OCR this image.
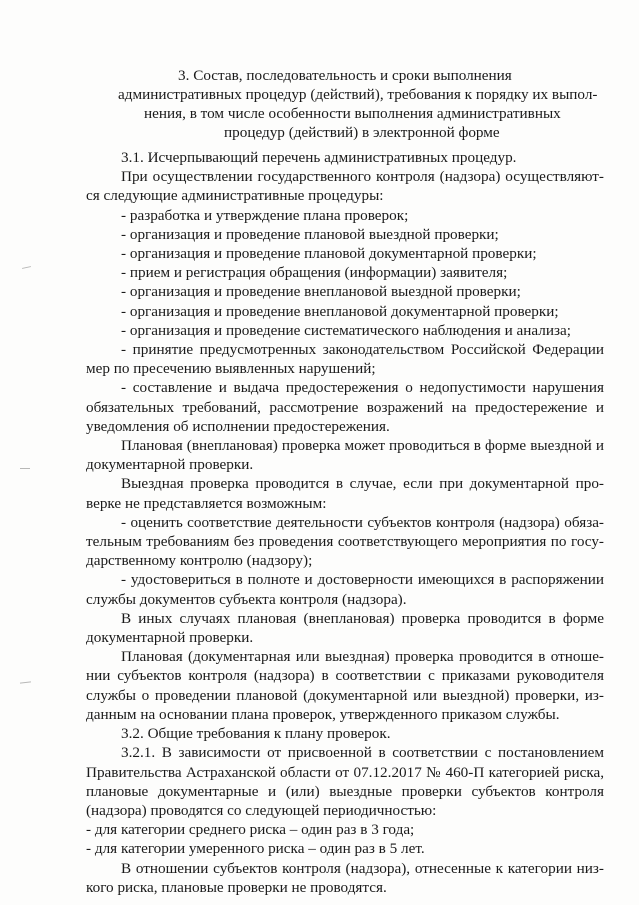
3. Состав, последовательность и сроки выполнения
административных процедур (действий), требования к порядку их выпол-
нения, в том числе особенности выполнения административных
процедур (действий) в электронной форме
3.1. Исчерпывающий перечень административных процедур.
При осуществлении государственного контроля (надзора) осуществляют-
ся следующие административные процедуры:
- разработка и утверждение плана проверок;
- организация и проведение плановой выездной проверки;
- организация и проведение плановой документарной проверки;
- прием и регистрация обращения (информации) заявителя;
- организация и проведение внеплановой выездной проверки;
- организация и проведение внеплановой документарной проверки;
- организация и проведение систематического наблюдения и анализа;
- принятие предусмотренных законодательством Российской Федерации
мер по пресечению выявленных нарушений;
- составление и выдача предостережения о недопустимости нарушения
обязательных требований, рассмотрение возражений на предостережение и
уведомления об исполнении предостережения.
Плановая (внеплановая) проверка может проводиться в форме выездной и
документарной проверки.
Выездная проверка проводится в случае, если при документарной про-
верке не представляется возможным:
- оценить соответствие деятельности субъектов контроля (надзора) обяза-
тельным требованиям без проведения соответствующего мероприятия по госу-
дарственному контролю (надзору);
- удостовериться в полноте и достоверности имеющихся в распоряжении
службы документов субъекта контроля (надзора).
В иных случаях плановая (внеплановая) проверка проводится в форме
документарной проверки.
Плановая (документарная или выездная) проверка проводится в отноше-
нии субъектов контроля (надзора) в соответствии с приказами руководителя
службы о проведении плановой (документарной или выездной) проверки, из-
данным на основании плана проверок, утвержденного приказом службы.
3.2. Общие требования к плану проверок.
3.2.1. В зависимости от присвоенной в соответствии с постановлением
Правительства Астраханской области от 07.12.2017 № 460-П категорией риска,
плановые документарные и (или) выездные проверки субъектов контроля
(надзора) проводятся со следующей периодичностью:
- для категории среднего риска – один раз в 3 года;
- для категории умеренного риска – один раз в 5 лет.
В отношении субъектов контроля (надзора), отнесенные к категории низ-
кого риска, плановые проверки не проводятся.
